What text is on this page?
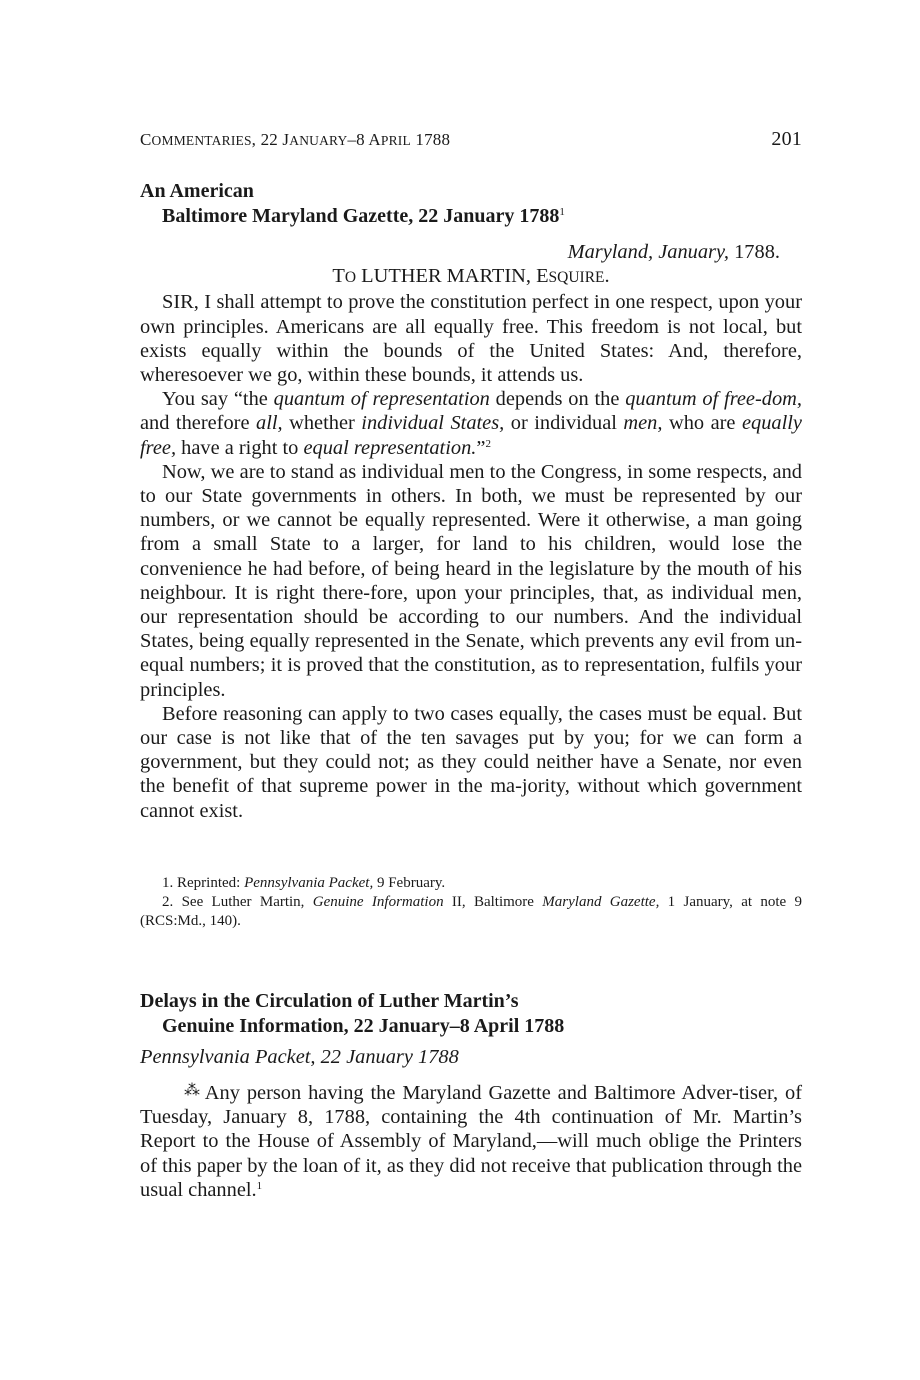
COMMENTARIES, 22 JANUARY–8 APRIL 1788	201
An American
Baltimore Maryland Gazette, 22 January 1788$^1$
Maryland, January, 1788.
TO LUTHER MARTIN, ESQUIRE.

SIR, I shall attempt to prove the constitution perfect in one respect, upon your own principles. Americans are all equally free. This freedom is not local, but exists equally within the bounds of the United States: And, therefore, wheresoever we go, within these bounds, it attends us.

You say “the quantum of representation depends on the quantum of free-dom, and therefore all, whether individual States, or individual men, who are equally free, have a right to equal representation.”$^2$

Now, we are to stand as individual men to the Congress, in some respects, and to our State governments in others. In both, we must be represented by our numbers, or we cannot be equally represented. Were it otherwise, a man going from a small State to a larger, for land to his children, would lose the convenience he had before, of being heard in the legislature by the mouth of his neighbour. It is right there-fore, upon your principles, that, as individual men, our representation should be according to our numbers. And the individual States, being equally represented in the Senate, which prevents any evil from un-equal numbers; it is proved that the constitution, as to representation, fulfils your principles.

Before reasoning can apply to two cases equally, the cases must be equal. But our case is not like that of the ten savages put by you; for we can form a government, but they could not; as they could neither have a Senate, nor even the benefit of that supreme power in the ma-jority, without which government cannot exist.

1. Reprinted: Pennsylvania Packet, 9 February.

2. See Luther Martin, Genuine Information II, Baltimore Maryland Gazette, 1 January, at note 9 (RCS:Md., 140).

Delays in the Circulation of Luther Martin’s
Genuine Information, 22 January–8 April 1788
Pennsylvania Packet, 22 January 1788

⁂ Any person having the Maryland Gazette and Baltimore Adver-tiser, of Tuesday, January 8, 1788, containing the 4th continuation of Mr. Martin’s Report to the House of Assembly of Maryland,—will much oblige the Printers of this paper by the loan of it, as they did not receive that publication through the usual channel.$^1$
